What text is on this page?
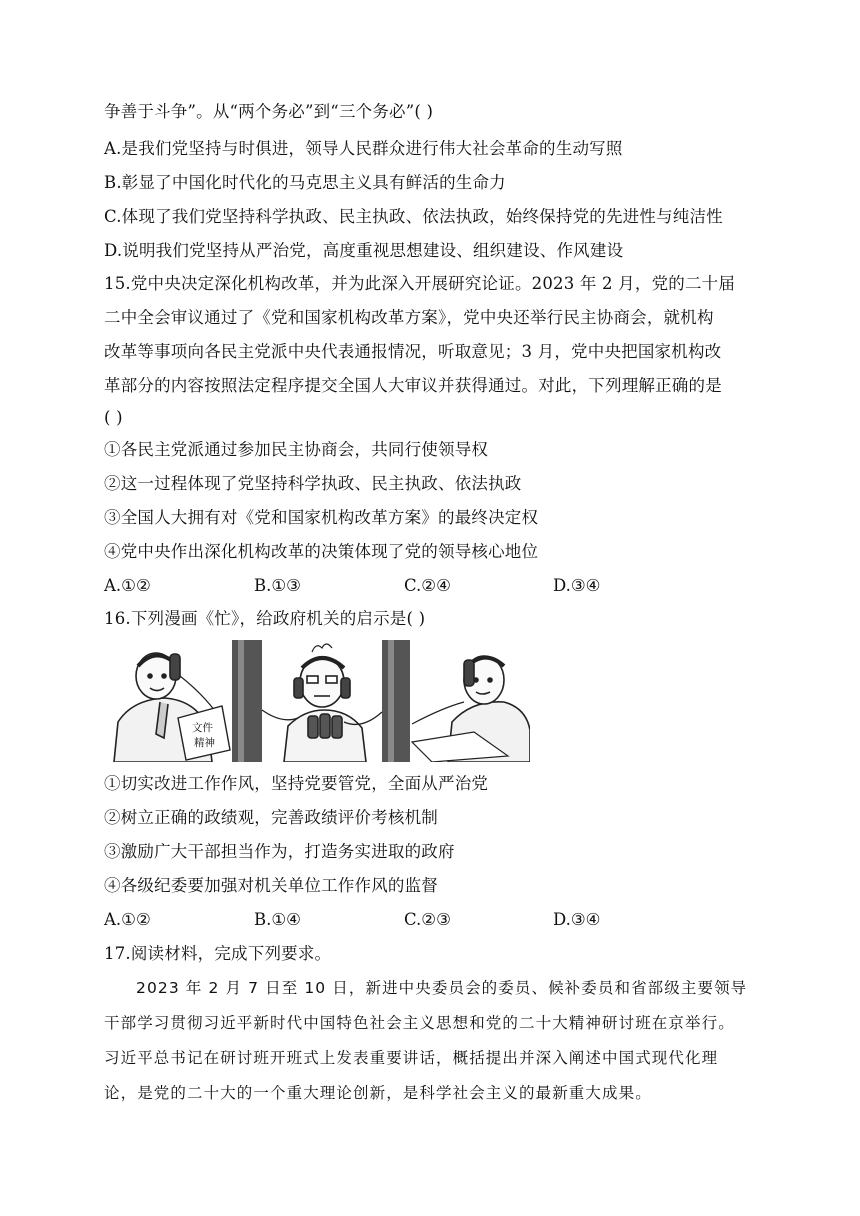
争善于斗争”。从“两个务必”到“三个务必”( )
A.是我们党坚持与时俱进，领导人民群众进行伟大社会革命的生动写照
B.彰显了中国化时代化的马克思主义具有鲜活的生命力
C.体现了我们党坚持科学执政、民主执政、依法执政，始终保持党的先进性与纯洁性
D.说明我们党坚持从严治党，高度重视思想建设、组织建设、作风建设
15.党中央决定深化机构改革，并为此深入开展研究论证。2023 年 2 月，党的二十届
二中全会审议通过了《党和国家机构改革方案》，党中央还举行民主协商会，就机构
改革等事项向各民主党派中央代表通报情况，听取意见；3 月，党中央把国家机构改
革部分的内容按照法定程序提交全国人大审议并获得通过。对此，下列理解正确的是
( )
①各民主党派通过参加民主协商会，共同行使领导权
②这一过程体现了党坚持科学执政、民主执政、依法执政
③全国人大拥有对《党和国家机构改革方案》的最终决定权
④党中央作出深化机构改革的决策体现了党的领导核心地位
A.①②	B.①③	C.②④	D.③④
16.下列漫画《忙》，给政府机关的启示是( )
文件
精神
①切实改进工作作风，坚持党要管党，全面从严治党
②树立正确的政绩观，完善政绩评价考核机制
③激励广大干部担当作为，打造务实进取的政府
④各级纪委要加强对机关单位工作作风的监督
A.①②	B.①④	C.②③	D.③④
17.阅读材料，完成下列要求。
2023 年 2 月 7 日至 10 日，新进中央委员会的委员、候补委员和省部级主要领导
干部学习贯彻习近平新时代中国特色社会主义思想和党的二十大精神研讨班在京举行。
习近平总书记在研讨班开班式上发表重要讲话，概括提出并深入阐述中国式现代化理
论，是党的二十大的一个重大理论创新，是科学社会主义的最新重大成果。
